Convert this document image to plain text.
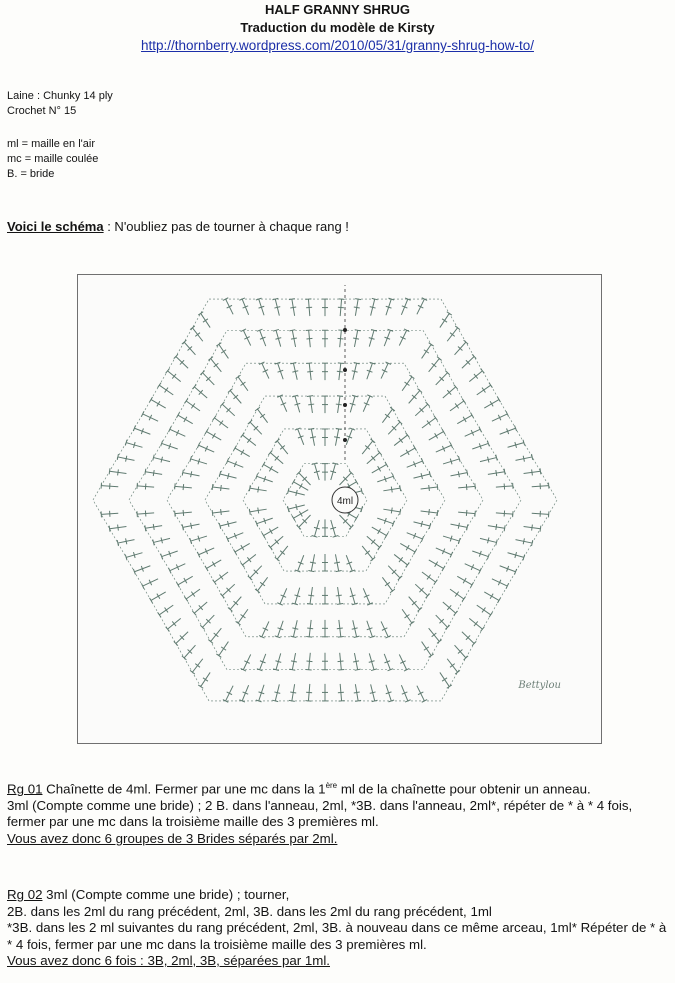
HALF GRANNY SHRUG
Traduction du modèle de Kirsty
http://thornberry.wordpress.com/2010/05/31/granny-shrug-how-to/
Laine : Chunky 14 ply
Crochet N° 15
ml = maille en l'air
mc = maille coulée
B. = bride
Voici le schéma : N'oubliez pas de tourner à chaque rang !
4ml
Bettylou
Rg 01 Chaînette de 4ml. Fermer par une mc dans la 1ère ml de la chaînette pour obtenir un anneau.
3ml (Compte comme une bride) ; 2 B. dans l'anneau, 2ml, *3B. dans l'anneau, 2ml*, répéter de * à * 4 fois, fermer par une mc dans la troisième maille des 3 premières ml.
Vous avez donc 6 groupes de 3 Brides séparés par 2ml.
Rg 02 3ml (Compte comme une bride) ; tourner,
2B. dans les 2ml du rang précédent, 2ml, 3B. dans les 2ml du rang précédent, 1ml
*3B. dans les 2 ml suivantes du rang précédent, 2ml, 3B. à nouveau dans ce même arceau, 1ml* Répéter de * à * 4 fois, fermer par une mc dans la troisième maille des 3 premières ml.
Vous avez donc 6 fois : 3B, 2ml, 3B, séparées par 1ml.
